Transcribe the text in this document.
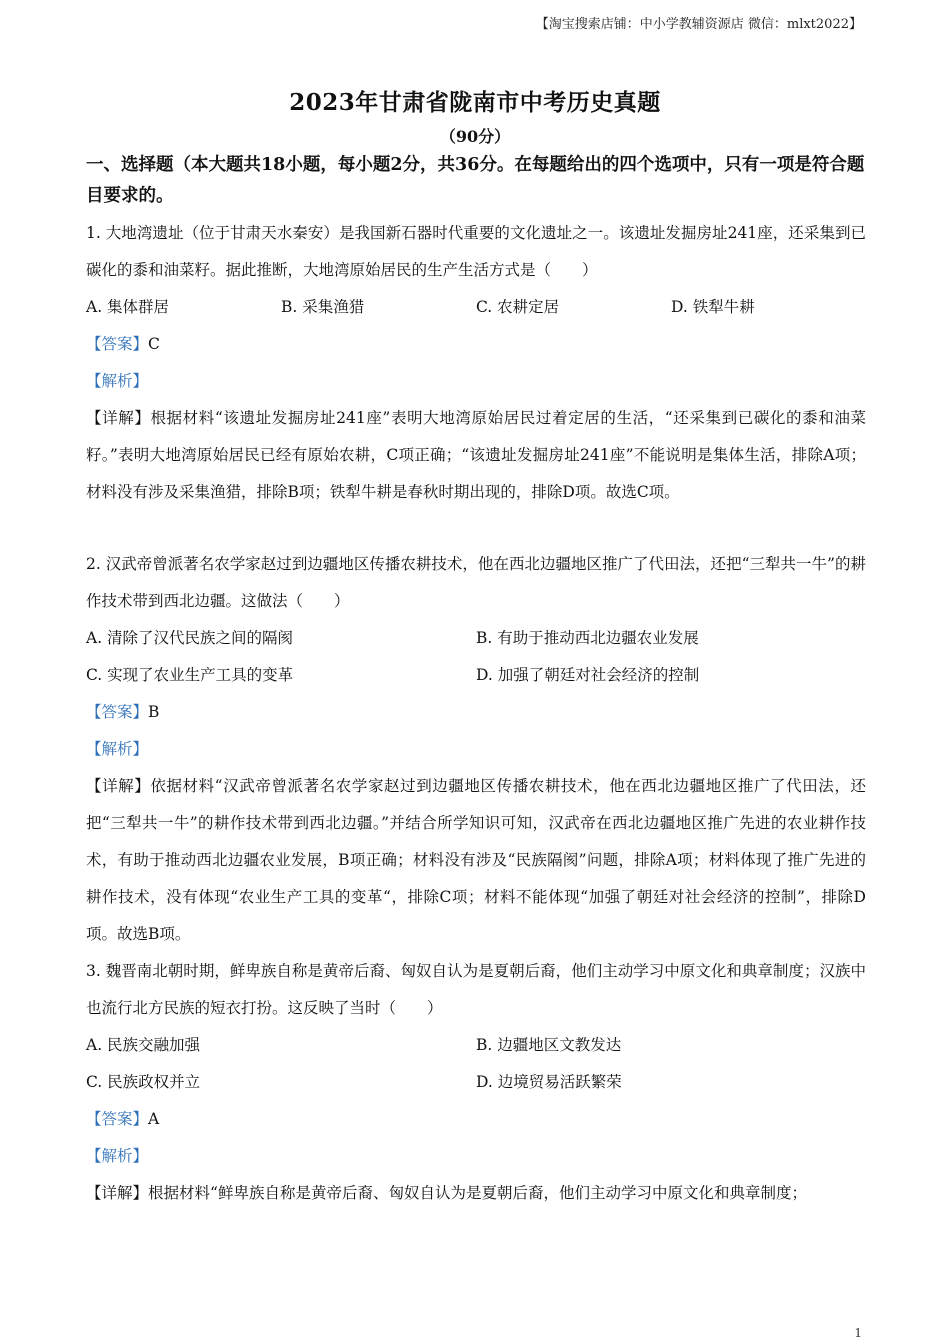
【淘宝搜索店铺：中小学教辅资源店 微信：mlxt2022】
2023年甘肃省陇南市中考历史真题
（90分）
一、选择题（本大题共18小题，每小题2分，共36分。在每题给出的四个选项中，只有一项是符合题目要求的。
1. 大地湾遗址（位于甘肃天水秦安）是我国新石器时代重要的文化遗址之一。该遗址发掘房址241座，还采集到已碳化的黍和油菜籽。据此推断，大地湾原始居民的生产生活方式是（　　）
A. 集体群居	B. 采集渔猎	C. 农耕定居	D. 铁犁牛耕
【答案】C
【解析】
【详解】根据材料“该遗址发掘房址241座”表明大地湾原始居民过着定居的生活，“还采集到已碳化的黍和油菜籽。”表明大地湾原始居民已经有原始农耕，C项正确；“该遗址发掘房址241座”不能说明是集体生活，排除A项；材料没有涉及采集渔猎，排除B项；铁犁牛耕是春秋时期出现的，排除D项。故选C项。
2. 汉武帝曾派著名农学家赵过到边疆地区传播农耕技术，他在西北边疆地区推广了代田法，还把“三犁共一牛”的耕作技术带到西北边疆。这做法（　　）
A. 清除了汉代民族之间的隔阂	B. 有助于推动西北边疆农业发展
C. 实现了农业生产工具的变革	D. 加强了朝廷对社会经济的控制
【答案】B
【解析】
【详解】依据材料“汉武帝曾派著名农学家赵过到边疆地区传播农耕技术，他在西北边疆地区推广了代田法，还把“三犁共一牛”的耕作技术带到西北边疆。”并结合所学知识可知，汉武帝在西北边疆地区推广先进的农业耕作技术，有助于推动西北边疆农业发展，B项正确；材料没有涉及“民族隔阂”问题，排除A项；材料体现了推广先进的耕作技术，没有体现“农业生产工具的变革“，排除C项；材料不能体现“加强了朝廷对社会经济的控制”，排除D项。故选B项。
3. 魏晋南北朝时期，鲜卑族自称是黄帝后裔、匈奴自认为是夏朝后裔，他们主动学习中原文化和典章制度；汉族中也流行北方民族的短衣打扮。这反映了当时（　　）
A. 民族交融加强	B. 边疆地区文教发达
C. 民族政权并立	D. 边境贸易活跃繁荣
【答案】A
【解析】
【详解】根据材料“鲜卑族自称是黄帝后裔、匈奴自认为是夏朝后裔，他们主动学习中原文化和典章制度；
1
